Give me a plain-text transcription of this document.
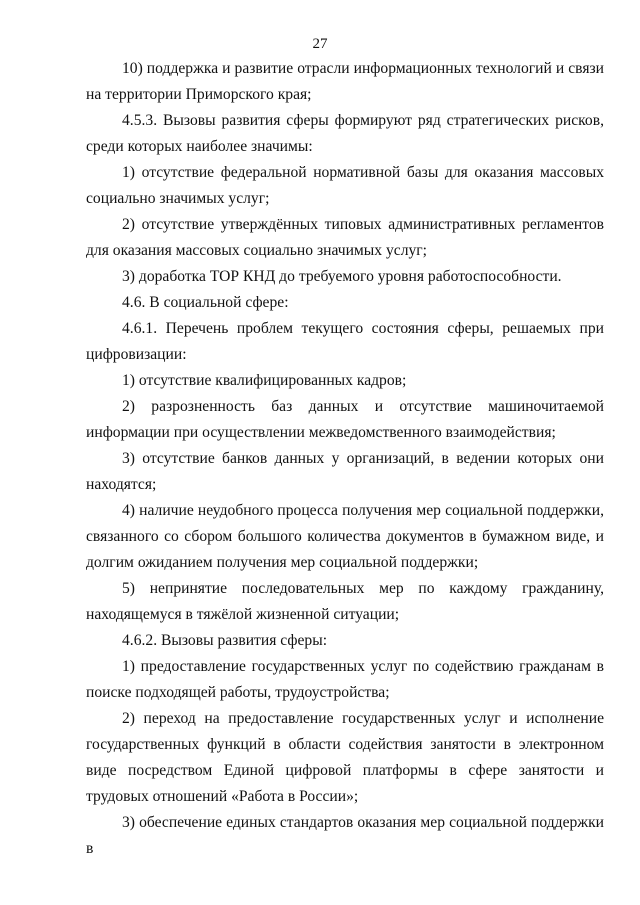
27

10) поддержка и развитие отрасли информационных технологий и связи на территории Приморского края;

4.5.3. Вызовы развития сферы формируют ряд стратегических рисков, среди которых наиболее значимы:

1) отсутствие федеральной нормативной базы для оказания массовых социально значимых услуг;

2) отсутствие утверждённых типовых административных регламентов для оказания массовых социально значимых услуг;

3) доработка ТОР КНД до требуемого уровня работоспособности.

4.6. В социальной сфере:

4.6.1. Перечень проблем текущего состояния сферы, решаемых при цифровизации:

1) отсутствие квалифицированных кадров;

2) разрозненность баз данных и отсутствие машиночитаемой информации при осуществлении межведомственного взаимодействия;

3) отсутствие банков данных у организаций, в ведении которых они находятся;

4) наличие неудобного процесса получения мер социальной поддержки, связанного со сбором большого количества документов в бумажном виде, и долгим ожиданием получения мер социальной поддержки;

5) непринятие последовательных мер по каждому гражданину, находящемуся в тяжёлой жизненной ситуации;

4.6.2. Вызовы развития сферы:

1) предоставление государственных услуг по содействию гражданам в поиске подходящей работы, трудоустройства;

2) переход на предоставление государственных услуг и исполнение государственных функций в области содействия занятости в электронном виде посредством Единой цифровой платформы в сфере занятости и трудовых отношений «Работа в России»;

3) обеспечение единых стандартов оказания мер социальной поддержки в
